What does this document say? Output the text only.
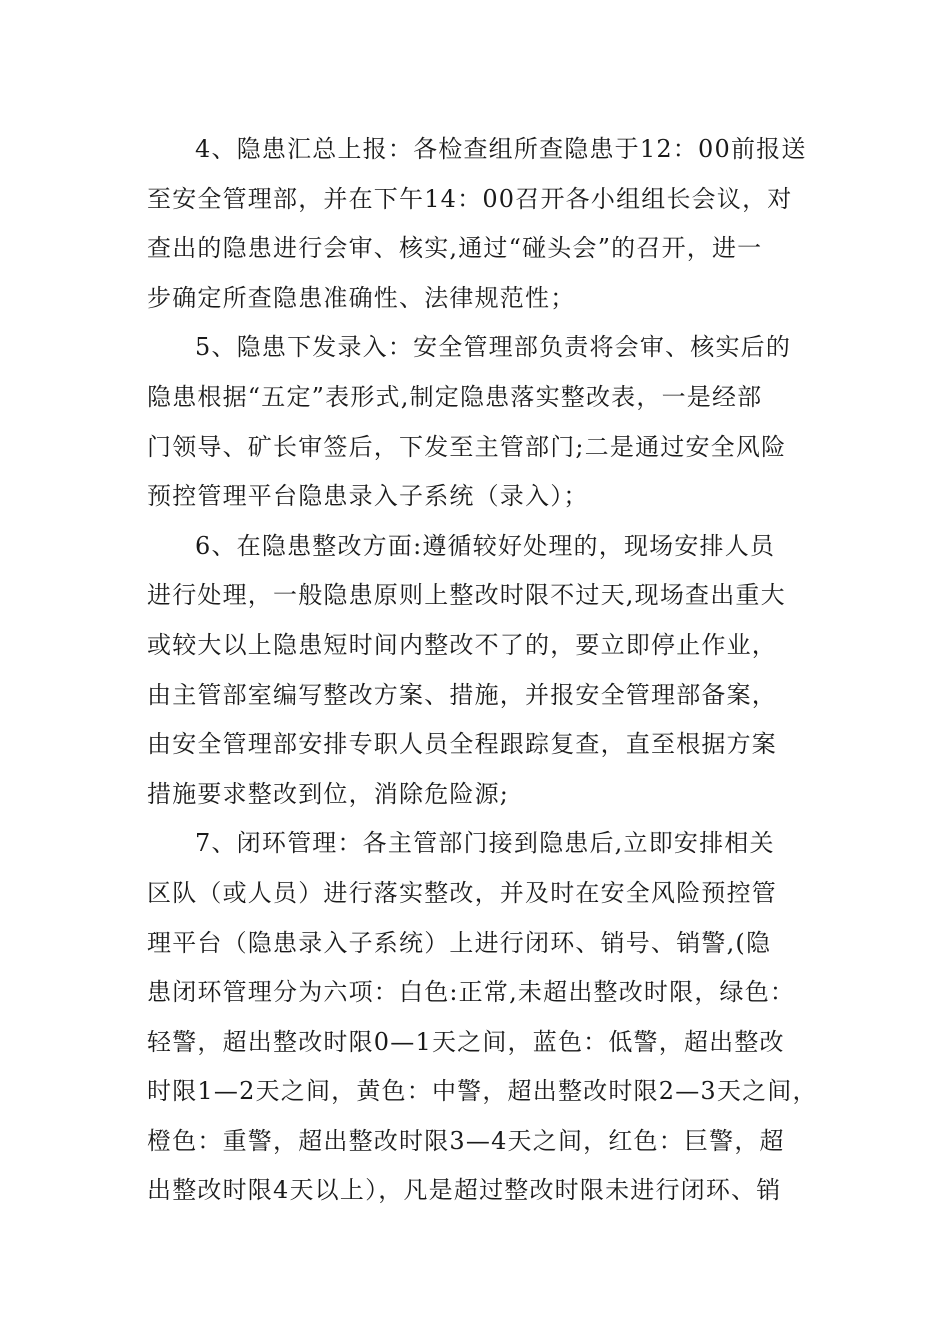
4、隐患汇总上报：各检查组所查隐患于12：00前报送
至安全管理部，并在下午14：00召开各小组组长会议，对
查出的隐患进行会审、核实,通过“碰头会”的召开，进一
步确定所查隐患准确性、法律规范性；
5、隐患下发录入：安全管理部负责将会审、核实后的
隐患根据“五定”表形式,制定隐患落实整改表，一是经部
门领导、矿长审签后，下发至主管部门;二是通过安全风险
预控管理平台隐患录入子系统（录入）；
6、在隐患整改方面:遵循较好处理的，现场安排人员
进行处理，一般隐患原则上整改时限不过天,现场查出重大
或较大以上隐患短时间内整改不了的，要立即停止作业，
由主管部室编写整改方案、措施，并报安全管理部备案，
由安全管理部安排专职人员全程跟踪复查，直至根据方案
措施要求整改到位，消除危险源;
7、闭环管理：各主管部门接到隐患后,立即安排相关
区队（或人员）进行落实整改，并及时在安全风险预控管
理平台（隐患录入子系统）上进行闭环、销号、销警,(隐
患闭环管理分为六项：白色:正常,未超出整改时限，绿色：
轻警，超出整改时限0—1天之间，蓝色：低警，超出整改
时限1—2天之间，黄色：中警，超出整改时限2—3天之间，
橙色：重警，超出整改时限3—4天之间，红色：巨警，超
出整改时限4天以上），凡是超过整改时限未进行闭环、销
